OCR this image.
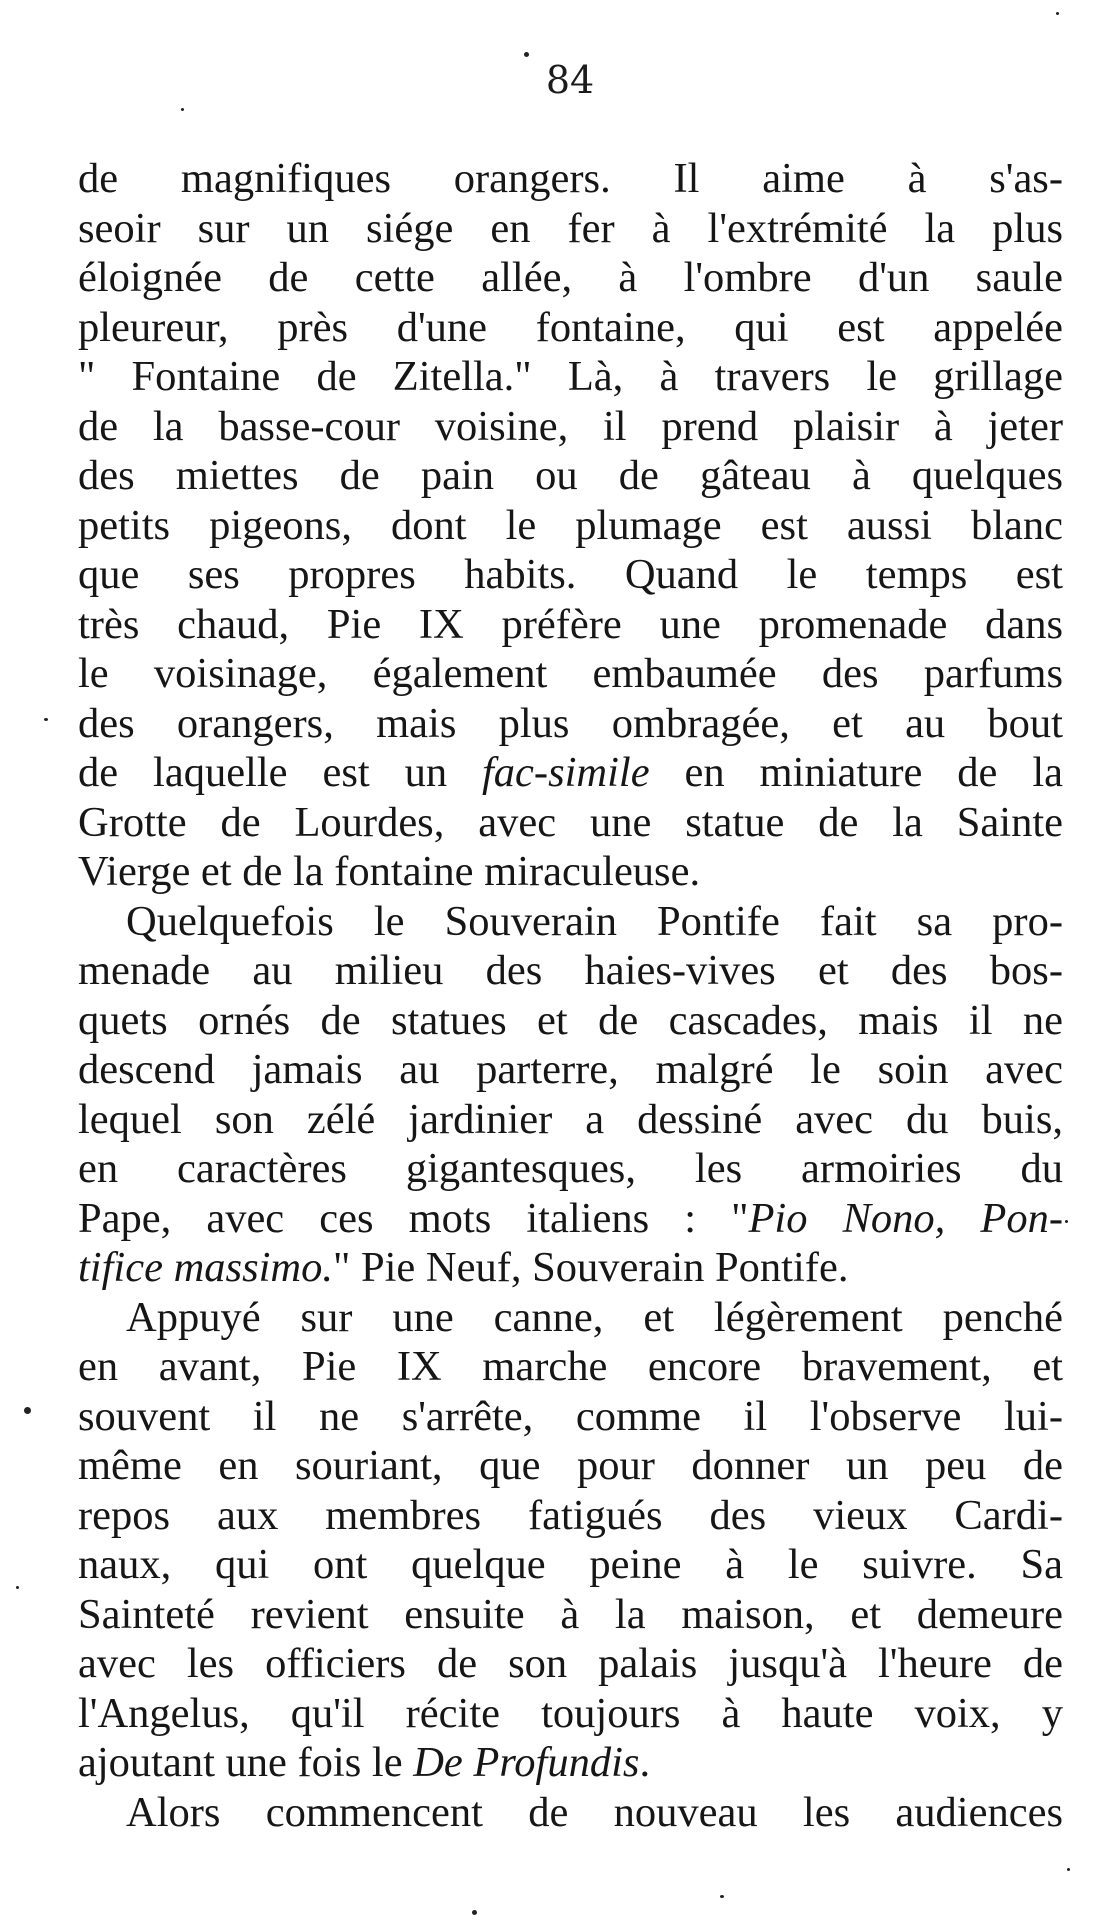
84
de magnifiques orangers. Il aime à s'as-
seoir sur un siége en fer à l'extrémité la plus
éloignée de cette allée, à l'ombre d'un saule
pleureur, près d'une fontaine, qui est appelée
" Fontaine de Zitella." Là, à travers le grillage
de la basse-cour voisine, il prend plaisir à jeter
des miettes de pain ou de gâteau à quelques
petits pigeons, dont le plumage est aussi blanc
que ses propres habits. Quand le temps est
très chaud, Pie IX préfère une promenade dans
le voisinage, également embaumée des parfums
des orangers, mais plus ombragée, et au bout
de laquelle est un fac-simile en miniature de la
Grotte de Lourdes, avec une statue de la Sainte
Vierge et de la fontaine miraculeuse.
Quelquefois le Souverain Pontife fait sa pro-
menade au milieu des haies-vives et des bos-
quets ornés de statues et de cascades, mais il ne
descend jamais au parterre, malgré le soin avec
lequel son zélé jardinier a dessiné avec du buis,
en caractères gigantesques, les armoiries du
Pape, avec ces mots italiens : "Pio Nono, Pon-
tifice massimo." Pie Neuf, Souverain Pontife.
Appuyé sur une canne, et légèrement penché
en avant, Pie IX marche encore bravement, et
souvent il ne s'arrête, comme il l'observe lui-
même en souriant, que pour donner un peu de
repos aux membres fatigués des vieux Cardi-
naux, qui ont quelque peine à le suivre. Sa
Sainteté revient ensuite à la maison, et demeure
avec les officiers de son palais jusqu'à l'heure de
l'Angelus, qu'il récite toujours à haute voix, y
ajoutant une fois le De Profundis.
Alors commencent de nouveau les audiences
